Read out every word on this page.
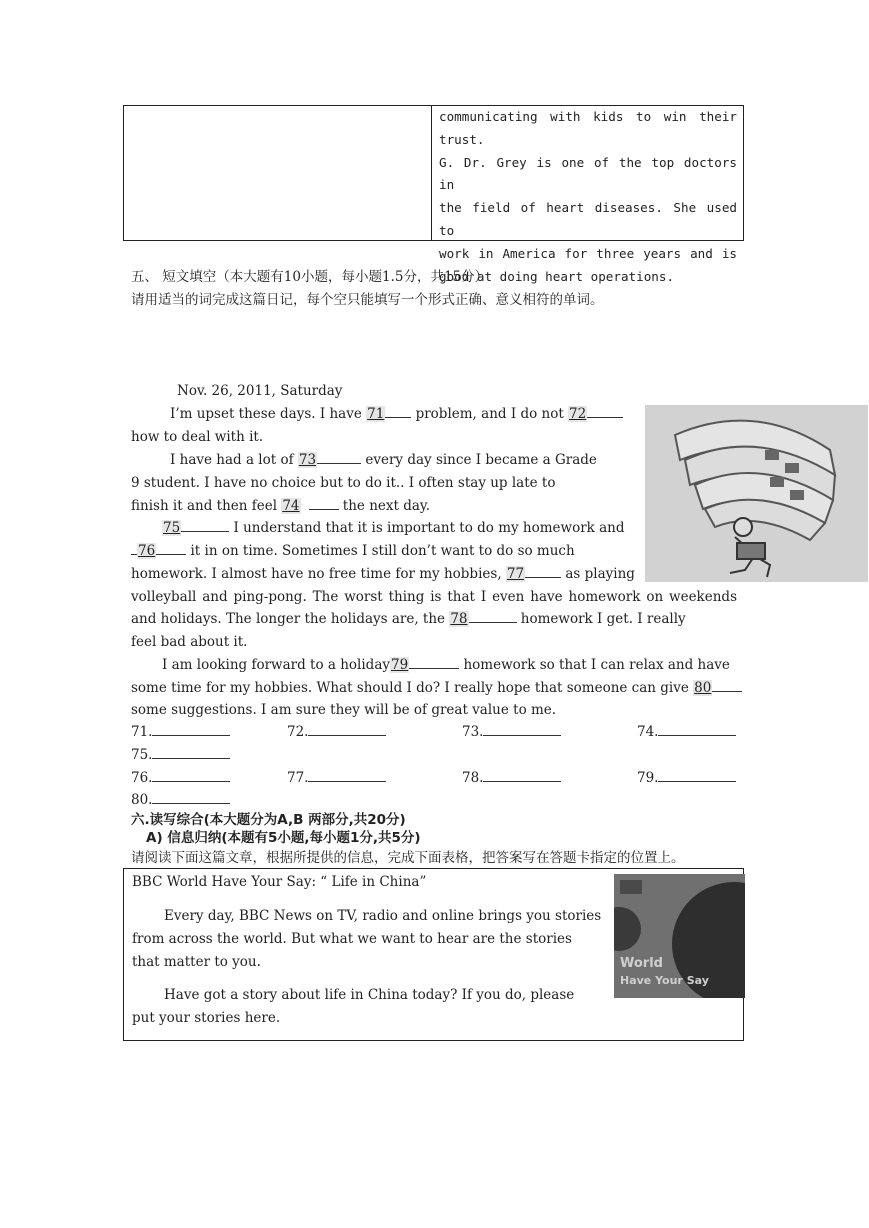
communicating with kids to win their
trust.
G. Dr. Grey is one of the top doctors in
the field of heart diseases. She used to
work in America for three years and is
good at doing heart operations.
五、 短文填空（本大题有10小题，每小题1.5分，共15分）
请用适当的词完成这篇日记，每个空只能填写一个形式正确、意义相符的单词。
Nov. 26, 2011, Saturday
I’m upset these days. I have 71 problem, and I do not 72
how to deal with it.
I have had a lot of 73	every day since I became a Grade
9 student. I have no choice but to do it.. I often stay up late to
finish it and then feel 74	the next day.
75	I understand that it is important to do my homework and
76 it in on time. Sometimes I still don’t want to do so much
homework. I almost have no free time for my hobbies, 77	as playing
volleyball and ping-pong. The worst thing is that I even have homework on weekends
and holidays. The longer the holidays are, the 78	homework I get. I really
feel bad about it.
I am looking forward to a holiday79	homework so that I can relax and have
some time for my hobbies. What should I do? I really hope that someone can give 80
some suggestions. I am sure they will be of great value to me.
71.	72.	73.	74.
75.
76.	77.	78.	79.
80.
六.读写综合(本大题分为A,B 两部分,共20分)
A) 信息归纳(本题有5小题,每小题1分,共5分)
请阅读下面这篇文章，根据所提供的信息，完成下面表格，把答案写在答题卡指定的位置上。
BBC World Have Your Say: “ Life in China”
Every day, BBC News on TV, radio and online brings you stories
from across the world. But what we want to hear are the stories
that matter to you.
Have got a story about life in China today? If you do, please
put your stories here.
World
Have Your Say
